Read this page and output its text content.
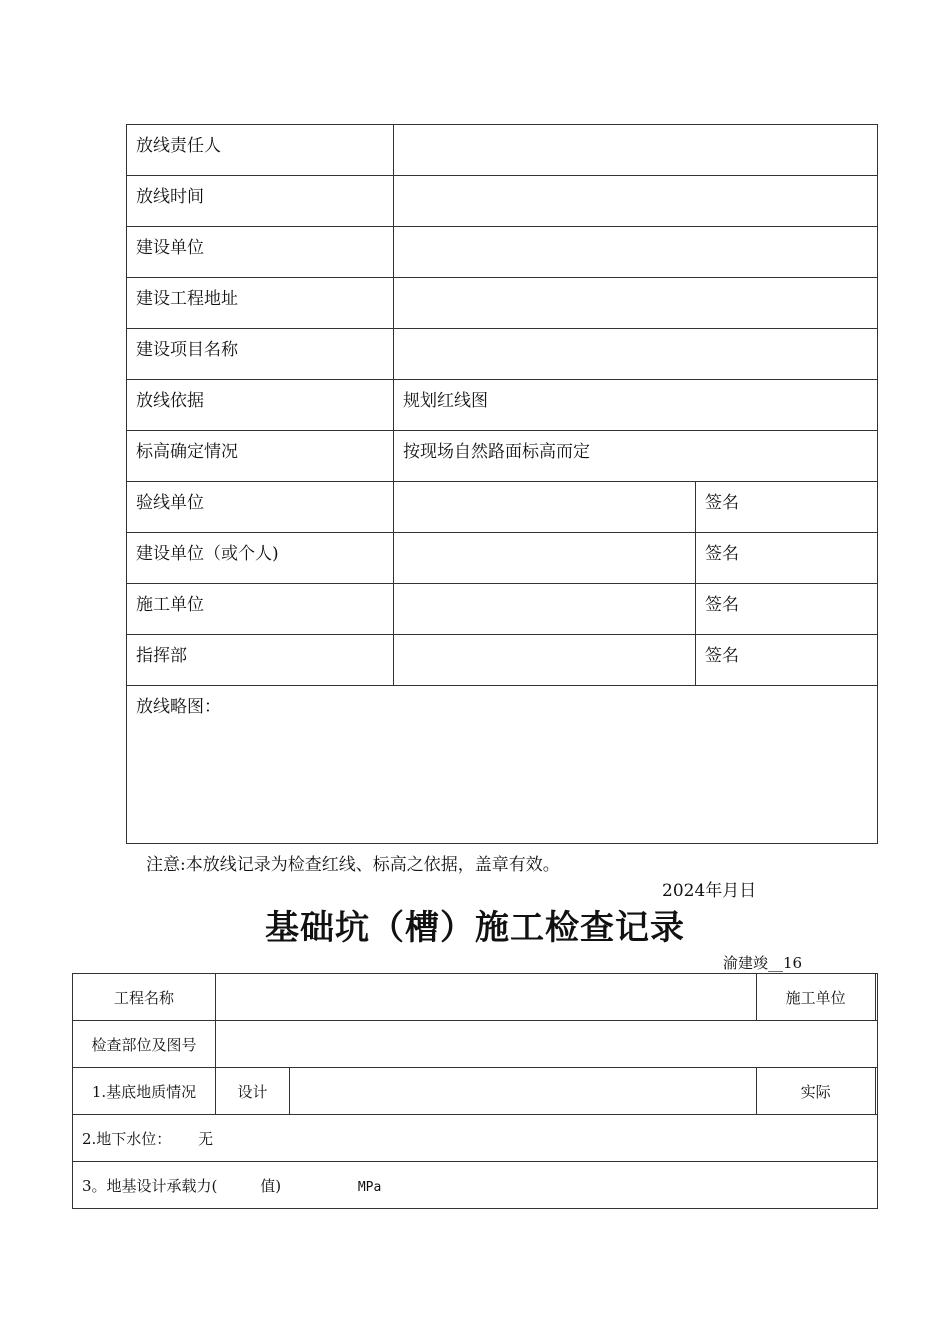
放线责任人		
放线时间		
建设单位		
建设工程地址		
建设项目名称		
放线依据	规划红线图	
标高确定情况	按现场自然路面标高而定	
验线单位		签名
建设单位（或个人)		签名
施工单位		签名
指挥部		签名
放线略图：		
注意:本放线记录为检查红线、标高之依据，盖章有效。
2024年月日
基础坑（槽）施工检查记录
渝建竣__16
工程名称			施工单位	
检查部位及图号				
1.基底地质情况	设计		实际	
2.地下水位： 无				
3。地基设计承载力( 值) MPa				
